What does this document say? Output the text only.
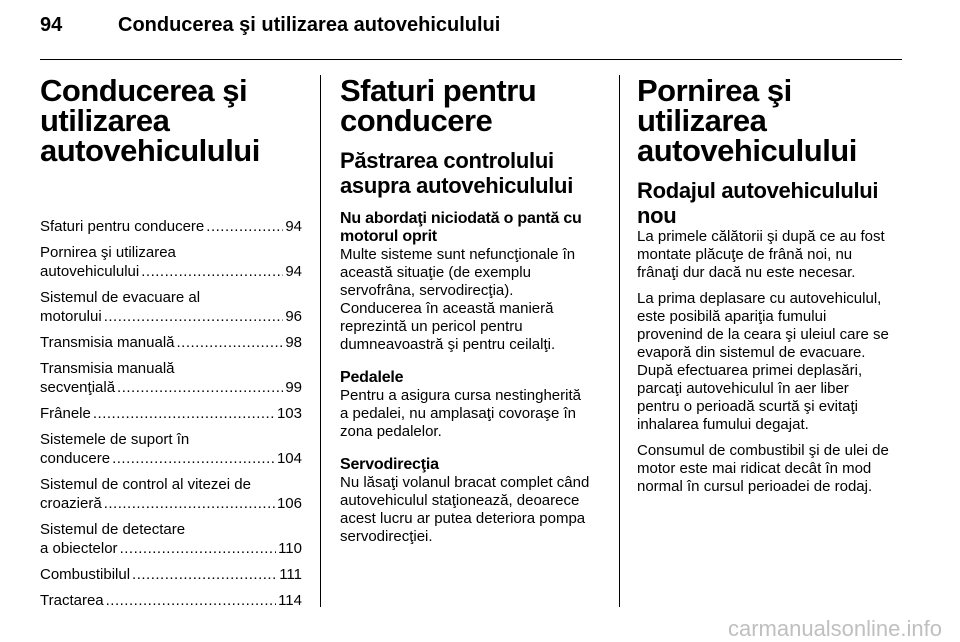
94	Conducerea şi utilizarea autovehiculului
Conducerea şi
utilizarea
autovehiculului
Sfaturi pentru conducere .....	94
Pornirea şi utilizarea
autovehiculului .....	94
Sistemul de evacuare al
motorului .....	96
Transmisia manuală .....	98
Transmisia manuală
secvenţială .....	99
Frânele .....	103
Sistemele de suport în
conducere .....	104
Sistemul de control al vitezei de
croazieră .....	106
Sistemul de detectare
a obiectelor .....	110
Combustibilul .....	111
Tractarea .....	114
Sfaturi pentru
conducere
Păstrarea controlului
asupra autovehiculului
Nu abordaţi niciodată o pantă cu
motorul oprit

Multe sisteme sunt nefuncţionale în
această situaţie (de exemplu
servofrâna, servodirecţia).
Conducerea în această manieră
reprezintă un pericol pentru
dumneavoastră şi pentru ceilalţi.

Pedalele

Pentru a asigura cursa nestingherită
a pedalei, nu amplasaţi covoraşe în
zona pedalelor.

Servodirecţia

Nu lăsaţi volanul bracat complet când
autovehiculul staţionează, deoarece
acest lucru ar putea deteriora pompa
servodirecţiei.

Pornirea şi utilizarea
autovehiculului
Rodajul autovehiculului
nou

La primele călătorii şi după ce au fost
montate plăcuţe de frână noi, nu
frânaţi dur dacă nu este necesar.

La prima deplasare cu autovehiculul,
este posibilă apariţia fumului
provenind de la ceara şi uleiul care se
evaporă din sistemul de evacuare.
După efectuarea primei deplasări,
parcaţi autovehiculul în aer liber
pentru o perioadă scurtă şi evitaţi
inhalarea fumului degajat.

Consumul de combustibil şi de ulei de
motor este mai ridicat decât în mod
normal în cursul perioadei de rodaj.

carmanualsonline.info
